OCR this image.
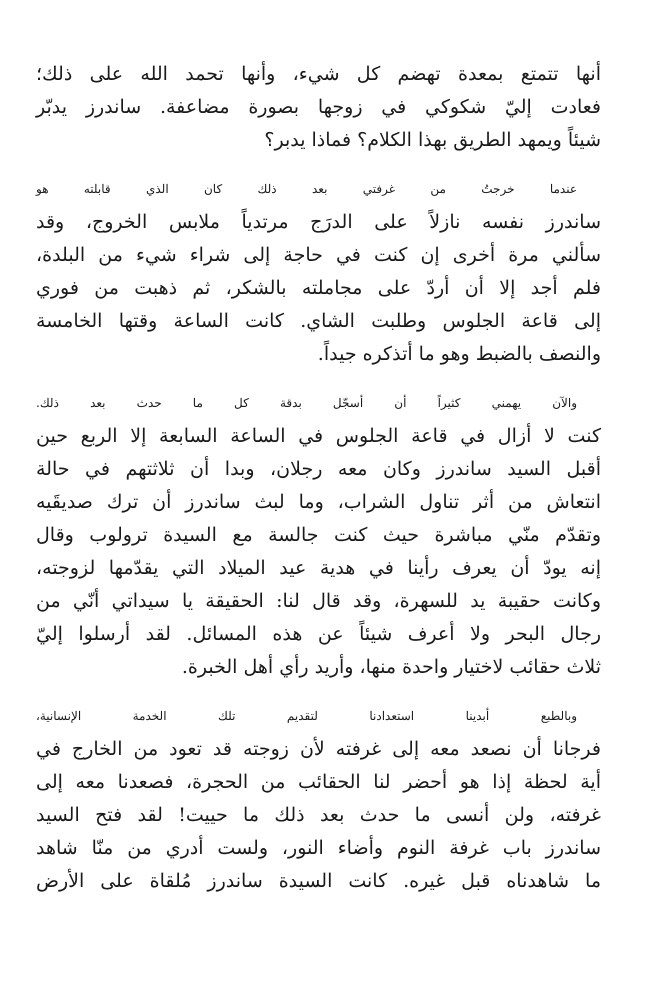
أنها تتمتع بمعدة تهضم كل شيء، وأنها تحمد الله على ذلك؛
فعادت إليّ شكوكي في زوجها بصورة مضاعفة. ساندرز يدبّر
شيئاً ويمهد الطريق بهذا الكلام؟ فماذا يدبر؟

عندما خرجتُ من غرفتي بعد ذلك كان الذي قابلته هو
ساندرز نفسه نازلاً على الدرَج مرتدياً ملابس الخروج، وقد
سألني مرة أخرى إن كنت في حاجة إلى شراء شيء من البلدة،
فلم أجد إلا أن أردّ على مجاملته بالشكر، ثم ذهبت من فوري
إلى قاعة الجلوس وطلبت الشاي. كانت الساعة وقتها الخامسة
والنصف بالضبط وهو ما أتذكره جيداً.

والآن يهمني كثيراً أن أسجّل بدقة كل ما حدث بعد ذلك.
كنت لا أزال في قاعة الجلوس في الساعة السابعة إلا الربع حين
أقبل السيد ساندرز وكان معه رجلان، وبدا أن ثلاثتهم في حالة
انتعاش من أثر تناول الشراب، وما لبث ساندرز أن ترك صديقَيه
وتقدّم منّي مباشرة حيث كنت جالسة مع السيدة ترولوب وقال
إنه يودّ أن يعرف رأينا في هدية عيد الميلاد التي يقدّمها لزوجته،
وكانت حقيبة يد للسهرة، وقد قال لنا: الحقيقة يا سيداتي أنّي من
رجال البحر ولا أعرف شيئاً عن هذه المسائل. لقد أرسلوا إليّ
ثلاث حقائب لاختيار واحدة منها، وأريد رأي أهل الخبرة.

وبالطبع أبدينا استعدادنا لتقديم تلك الخدمة الإنسانية،
فرجانا أن نصعد معه إلى غرفته لأن زوجته قد تعود من الخارج في
أية لحظة إذا هو أحضر لنا الحقائب من الحجرة، فصعدنا معه إلى
غرفته، ولن أنسى ما حدث بعد ذلك ما حييت! لقد فتح السيد
ساندرز باب غرفة النوم وأضاء النور، ولست أدري من منّا شاهد
ما شاهدناه قبل غيره. كانت السيدة ساندرز مُلقاة على الأرض
